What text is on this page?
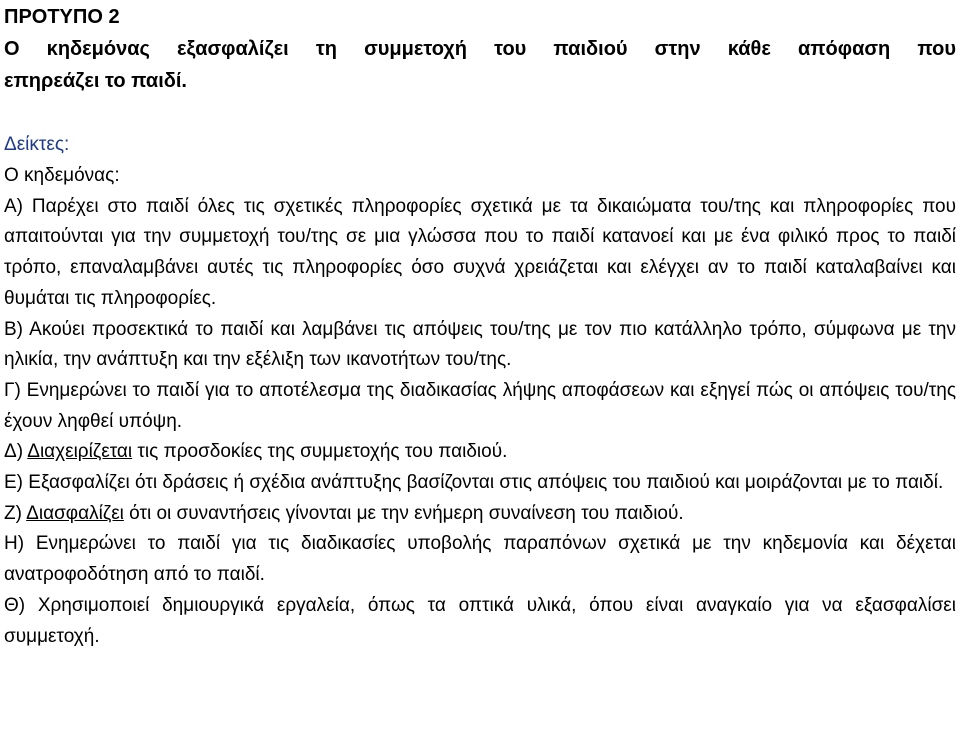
ΠΡΟΤΥΠΟ 2
Ο κηδεμόνας εξασφαλίζει τη συμμετοχή του παιδιού στην κάθε απόφαση που
επηρεάζει το παιδί.
Δείκτες:

Ο κηδεμόνας:

Α) Παρέχει στο παιδί όλες τις σχετικές πληροφορίες σχετικά με τα δικαιώματα του/της και πληροφορίες που απαιτούνται για την συμμετοχή του/της σε μια γλώσσα που το παιδί κατανοεί και με ένα φιλικό προς το παιδί τρόπο, επαναλαμβάνει αυτές τις πληροφορίες όσο συχνά χρειάζεται και ελέγχει αν το παιδί καταλαβαίνει και θυμάται τις πληροφορίες.

Β) Ακούει προσεκτικά το παιδί και λαμβάνει τις απόψεις του/της με τον πιο κατάλληλο τρόπο, σύμφωνα με την ηλικία, την ανάπτυξη και την εξέλιξη των ικανοτήτων του/της.

Γ) Ενημερώνει το παιδί για το αποτέλεσμα της διαδικασίας λήψης αποφάσεων και εξηγεί πώς οι απόψεις του/της έχουν ληφθεί υπόψη.

Δ) Διαχειρίζεται τις προσδοκίες της συμμετοχής του παιδιού.

Ε) Εξασφαλίζει ότι δράσεις ή σχέδια ανάπτυξης βασίζονται στις απόψεις του παιδιού και μοιράζονται με το παιδί.

Ζ) Διασφαλίζει ότι οι συναντήσεις γίνονται με την ενήμερη συναίνεση του παιδιού.

Η) Ενημερώνει το παιδί για τις διαδικασίες υποβολής παραπόνων σχετικά με την κηδεμονία και δέχεται ανατροφοδότηση από το παιδί.

Θ) Χρησιμοποιεί δημιουργικά εργαλεία, όπως τα οπτικά υλικά, όπου είναι αναγκαίο για να εξασφαλίσει συμμετοχή.
